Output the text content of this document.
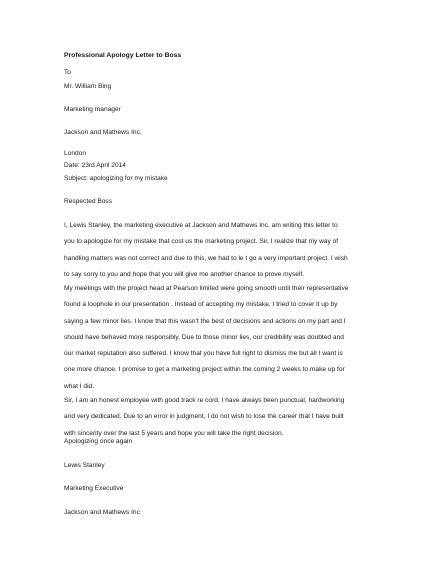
Professional Apology Letter to Boss
To
Mr. William Bing
Marketing manager
Jackson and Mathews Inc.
London
Date: 23rd April 2014
Subject: apologizing for my mistake
Respected Boss
I, Lewis Stanley, the marketing executive at Jackson and Mathews Inc. am writing this letter to
you to apologize for my mistake that cost us the marketing project. Sir, I realize that my way of
handling matters was not correct and due to this, we had to le t go a very important project. I wish
to say sorry to you and hope that you will give me another chance to prove myself.
My meetings with the project head at Pearson limited were going smooth until their representative
found a loophole in our presentation . Instead of accepting my mistake, I tried to cover it up by
saying a few minor lies. I know that this wasn't the best of decisions and actions on my part and I
should have behaved more responsibly. Due to those minor lies, our credibility was doubted and
our market reputation also suffered. I know that you have full right to dismiss me but all I want is
one more chance. I promise to get a marketing project within the coming 2 weeks to make up for
what I did.
Sir, I am an honest employee with good track re cord. I have always been punctual, hardworking
and very dedicated. Due to an error in judgment, I do not wish to lose the career that I have built
with sincerity over the last 5 years and hope you will take the right decision.
Apologizing once again
Lewis Stanley
Marketing Executive
Jackson and Mathews Inc
